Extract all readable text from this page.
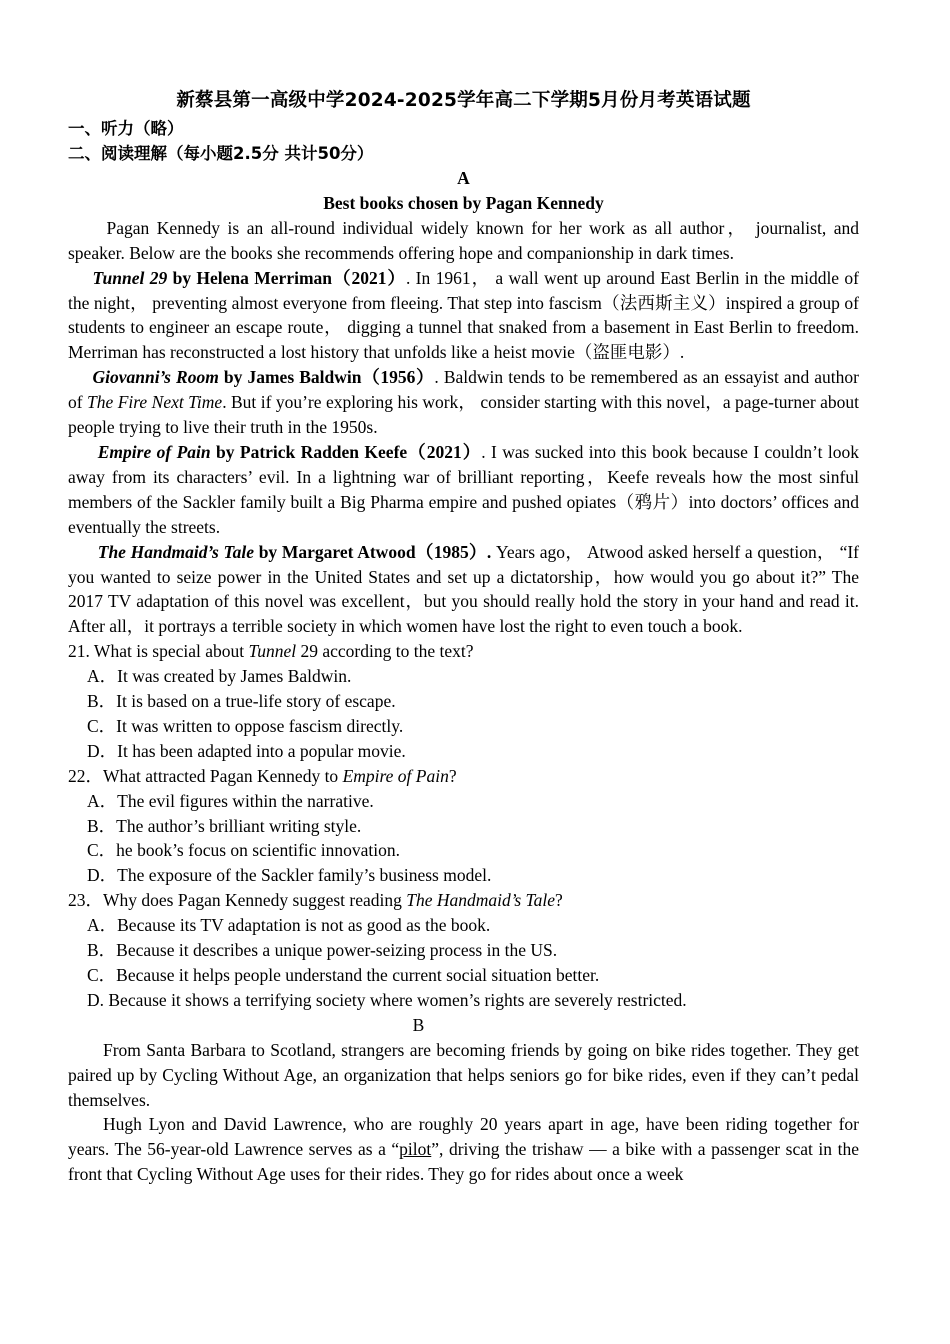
新蔡县第一高级中学2024-2025学年高二下学期5月份月考英语试题

一、听力（略）

二、阅读理解（每小题2.5分 共计50分）

A

Best books chosen by Pagan Kennedy

Pagan Kennedy is an all-round individual widely known for her work as all author， journalist, and speaker. Below are the books she recommends offering hope and companionship in dark times.

Tunnel 29 by Helena Merriman（2021）. In 1961， a wall went up around East Berlin in the middle of the night， preventing almost everyone from fleeing. That step into fascism（法西斯主义）inspired a group of students to engineer an escape route， digging a tunnel that snaked from a basement in East Berlin to freedom. Merriman has reconstructed a lost history that unfolds like a heist movie（盗匪电影）.

Giovanni’s Room by James Baldwin（1956）. Baldwin tends to be remembered as an essayist and author of The Fire Next Time. But if you’re exploring his work， consider starting with this novel，a page-turner about people trying to live their truth in the 1950s.

Empire of Pain by Patrick Radden Keefe（2021）. I was sucked into this book because I couldn’t look away from its characters’ evil. In a lightning war of brilliant reporting，Keefe reveals how the most sinful members of the Sackler family built a Big Pharma empire and pushed opiates（鸦片）into doctors’ offices and eventually the streets.

The Handmaid’s Tale by Margaret Atwood（1985）. Years ago， Atwood asked herself a question， “If you wanted to seize power in the United States and set up a dictatorship，how would you go about it?” The 2017 TV adaptation of this novel was excellent，but you should really hold the story in your hand and read it. After all，it portrays a terrible society in which women have lost the right to even touch a book.

21. What is special about Tunnel 29 according to the text?

A．It was created by James Baldwin.

B．It is based on a true-life story of escape.

C．It was written to oppose fascism directly.

D．It has been adapted into a popular movie.

22．What attracted Pagan Kennedy to Empire of Pain?

A．The evil figures within the narrative.

B．The author’s brilliant writing style.

C．he book’s focus on scientific innovation.

D．The exposure of the Sackler family’s business model.

23．Why does Pagan Kennedy suggest reading The Handmaid’s Tale?

A．Because its TV adaptation is not as good as the book.

B．Because it describes a unique power-seizing process in the US.

C．Because it helps people understand the current social situation better.

D. Because it shows a terrifying society where women’s rights are severely restricted.

B

From Santa Barbara to Scotland, strangers are becoming friends by going on bike rides together. They get paired up by Cycling Without Age, an organization that helps seniors go for bike rides, even if they can’t pedal themselves.

Hugh Lyon and David Lawrence, who are roughly 20 years apart in age, have been riding together for years. The 56-year-old Lawrence serves as a “pilot”, driving the trishaw — a bike with a passenger scat in the front that Cycling Without Age uses for their rides. They go for rides about once a week
